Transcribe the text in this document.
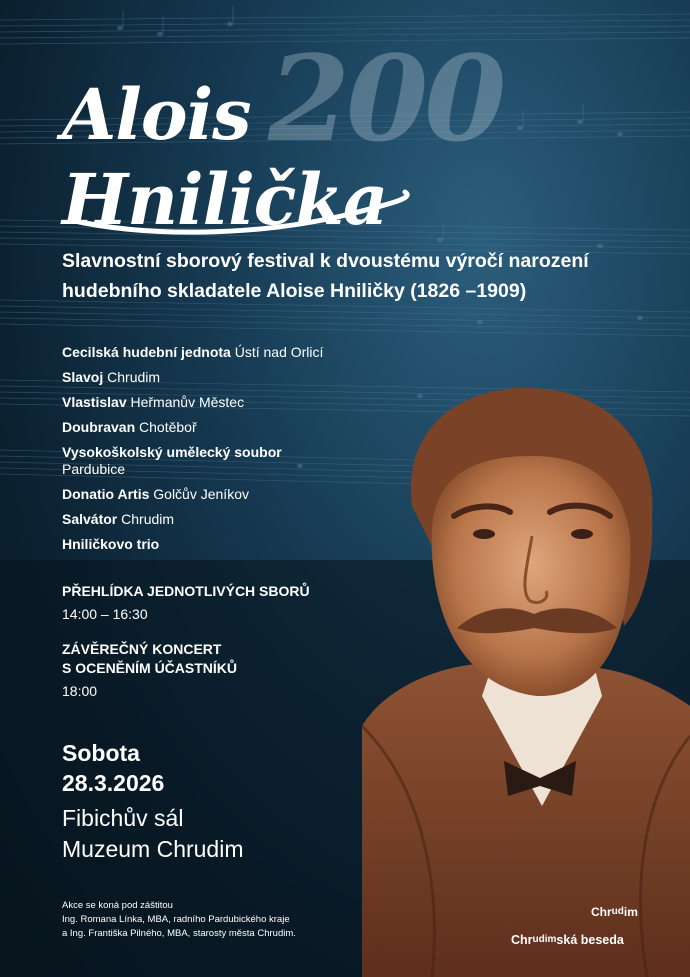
200
Alois
Hnilička

Slavnostní sborový festival k dvoustému výročí narození
hudebního skladatele Aloise Hniličky (1826 –1909)

Cecilská hudební jednota Ústí nad Orlicí
Slavoj Chrudim
Vlastislav Heřmanův Městec
Doubravan Chotěboř
Vysokoškolský umělecký soubor
Pardubice
Donatio Artis Golčův Jeníkov
Salvátor Chrudim
Hniličkovo trio

PŘEHLÍDKA JEDNOTLIVÝCH SBORŮ

14:00 – 16:30

ZÁVĚREČNÝ KONCERT

S OCENĚNÍM ÚČASTNÍKŮ

18:00

Sobota
28.3.2026
Fibichův sál
Muzeum Chrudim
Akce se koná pod záštitou
Ing. Romana Línka, MBA, radního Pardubického kraje
a Ing. Františka Pilného, MBA, starosty města Chrudim.
Chrudim
Chrudimská beseda
